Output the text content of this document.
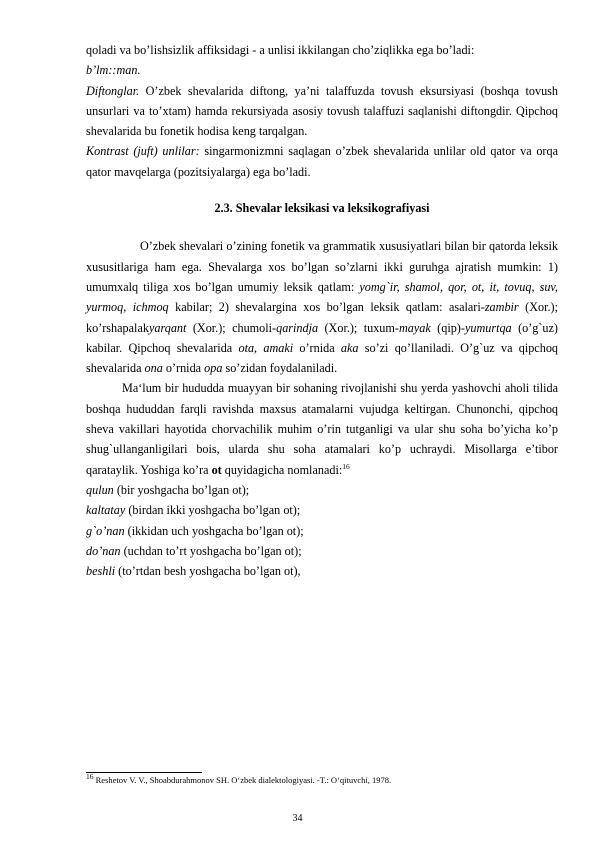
qoladi va bo’lishsizlik affiksidagi - a unlisi ikkilangan cho’ziqlikka ega bo’ladi:
b’lm::man.

Diftonglar. O’zbek shevalarida diftong, ya’ni talaffuzda tovush eksursiyasi (boshqa tovush unsurlari va to’xtam) hamda rekursiyada asosiy tovush talaffuzi saqlanishi diftongdir. Qipchoq shevalarida bu fonetik hodisa keng tarqalgan.

Kontrast (juft) unlilar: singarmonizmni saqlagan o’zbek shevalarida unlilar old qator va orqa qator mavqelarga (pozitsiyalarga) ega bo’ladi.

2.3. Shevalar leksikasi va leksikografiyasi

O’zbek shevalari o’zining fonetik va grammatik xususiyatlari bilan bir qatorda leksik xususitlariga ham ega. Shevalarga xos bo’lgan so’zlarni ikki guruhga ajratish mumkin: 1) umumxalq tiliga xos bo’lgan umumiy leksik qatlam: yomg`ir, shamol, qor, ot, it, tovuq, suv, yurmoq, ichmoq kabilar; 2) shevalargina xos bo’lgan leksik qatlam: asalari-zambir (Xor.); ko’rshapalakyarqant (Xor.); chumoli-qarindja (Xor.); tuxum-mayak (qip)-yumurtqa (o’g`uz) kabilar. Qipchoq shevalarida ota, amaki o’rnida aka so’zi qo’llaniladi. O’g`uz va qipchoq shevalarida ona o’rnida opa so’zidan foydalaniladi.

Ma‘lum bir hududda muayyan bir sohaning rivojlanishi shu yerda yashovchi aholi tilida boshqa hududdan farqli ravishda maxsus atamalarni vujudga keltirgan. Chunonchi, qipchoq sheva vakillari hayotida chorvachilik muhim o’rin tutganligi va ular shu soha bo’yicha ko’p shug`ullanganligilari bois, ularda shu soha atamalari ko’p uchraydi. Misollarga e’tibor qarataylik. Yoshiga ko’ra ot quyidagicha nomlanadi:$^{16}$

qulun (bir yoshgacha bo’lgan ot);

kaltatay (birdan ikki yoshgacha bo’lgan ot);

g`o’nan (ikkidan uch yoshgacha bo’lgan ot);

do’nan (uchdan to’rt yoshgacha bo’lgan ot);

beshli (to’rtdan besh yoshgacha bo’lgan ot),

$^{16}$ Reshetov V. V., Shoabdurahmonov SH. O‘zbek dialektologiyasi. -T.: O‘qituvchi, 1978.
34
